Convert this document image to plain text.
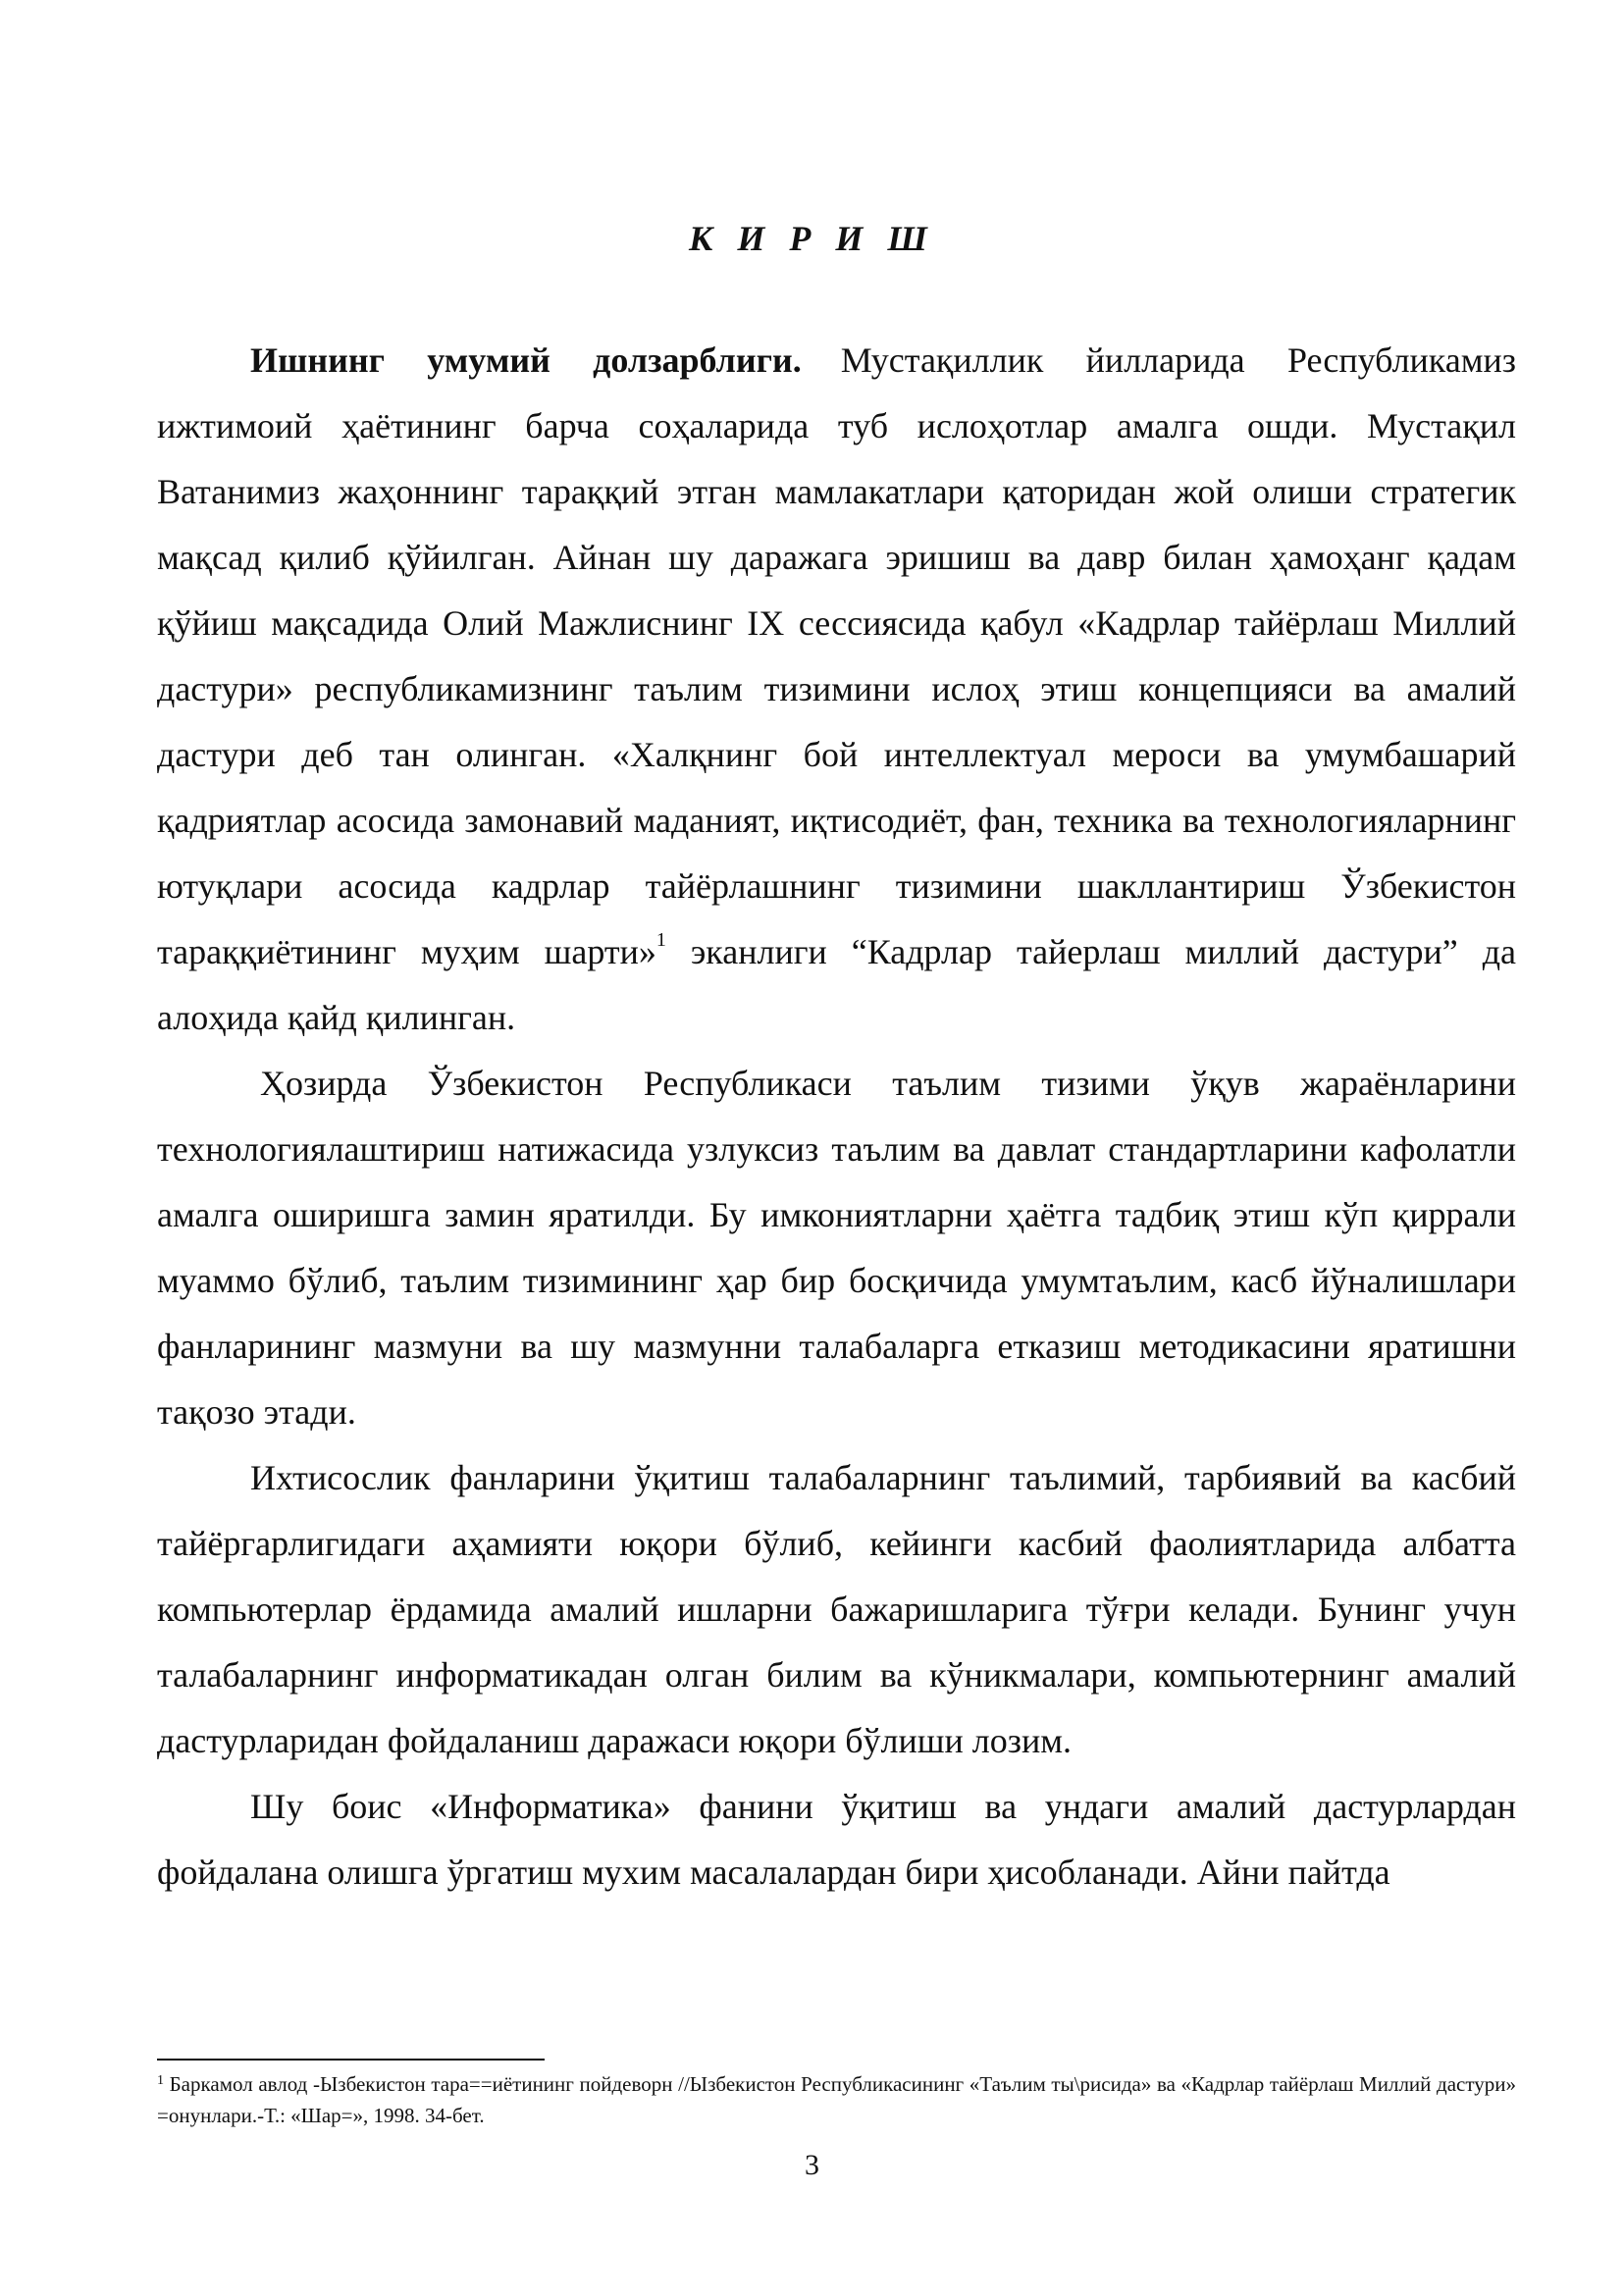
К И Р И Ш

Ишнинг умумий долзарблиги. Мустақиллик йилларида Республикамиз ижтимоий ҳаётининг барча соҳаларида туб ислоҳотлар амалга ошди. Мустақил Ватанимиз жаҳоннинг тараққий этган мамлакатлари қаторидан жой олиши стратегик мақсад қилиб қўйилган. Айнан шу даражага эришиш ва давр билан ҳамоҳанг қадам қўйиш мақсадида Олий Мажлиснинг IX сессиясида қабул «Кадрлар тайёрлаш Миллий дастури» республикамизнинг таълим тизимини ислоҳ этиш концепцияси ва амалий дастури деб тан олинган. «Халқнинг бой интеллектуал мероси ва умумбашарий қадриятлар асосида замонавий маданият, иқтисодиёт, фан, техника ва технологияларнинг ютуқлари асосида кадрлар тайёрлашнинг тизимини шакллантириш Ўзбекистон тараққиётининг муҳим шарти»$^1$ эканлиги “Кадрлар тайерлаш миллий дастури” да алоҳида қайд қилинган.

Ҳозирда Ўзбекистон Республикаси таълим тизими ўқув жараёнларини технологиялаштириш натижасида узлуксиз таълим ва давлат стандартларини кафолатли амалга оширишга замин яратилди. Бу имкониятларни ҳаётга тадбиқ этиш кўп қиррали муаммо бўлиб, таълим тизимининг ҳар бир босқичида умумтаълим, касб йўналишлари фанларининг мазмуни ва шу мазмунни талабаларга етказиш методикасини яратишни тақозо этади.

Ихтисослик фанларини ўқитиш талабаларнинг таълимий, тарбиявий ва касбий тайёргарлигидаги аҳамияти юқори бўлиб, кейинги касбий фаолиятларида албатта компьютерлар ёрдамида амалий ишларни бажаришларига тўғри келади. Бунинг учун талабаларнинг информатикадан олган билим ва кўникмалари, компьютернинг амалий дастурларидан фойдаланиш даражаси юқори бўлиши лозим.

Шу боис «Информатика» фанини ўқитиш ва ундаги амалий дастурлардан фойдалана олишга ўргатиш мухим масалалардан бири ҳисобланади. Айни пайтда

$^1$ Баркамол авлод -Ызбекистон тара==иётининг пойдеворн //Ызбекистон Республикасининг «Таълим ты\рисида» ва «Кадрлар тайёрлаш Миллий дастури» =онунлари.-Т.: «Шар=», 1998. 34-бет.

3
